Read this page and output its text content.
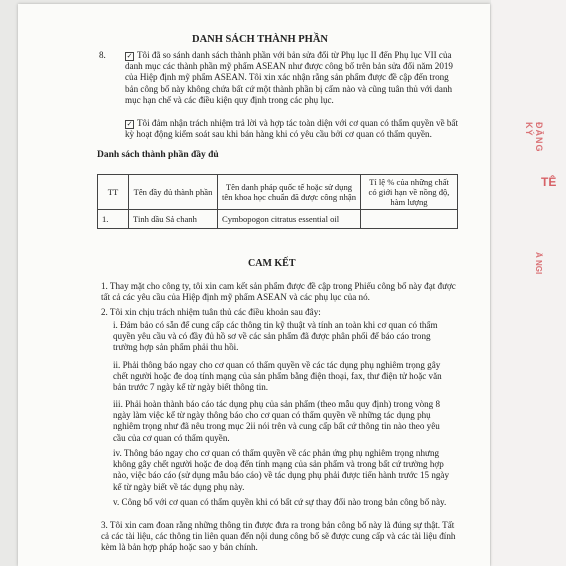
ĐĂNG KÝ
TÊ
Ã NGI
DANH SÁCH THÀNH PHẦN
8.	✓ Tôi đã so sánh danh sách thành phần với bản sửa đổi từ Phụ lục II đến Phụ lục VII của danh mục các thành phần mỹ phẩm ASEAN như được công bố trên bản sửa đổi năm 2019 của Hiệp định mỹ phẩm ASEAN. Tôi xin xác nhận rằng sản phẩm được đề cập đến trong bản công bố này không chứa bất cứ một thành phần bị cấm nào và cũng tuân thủ với danh mục hạn chế và các điều kiện quy định trong các phụ lục.
✓ Tôi đảm nhận trách nhiệm trả lời và hợp tác toàn diện với cơ quan có thẩm quyền về bất kỳ hoạt động kiểm soát sau khi bán hàng khi có yêu cầu bởi cơ quan có thẩm quyền.
Danh sách thành phần đầy đủ
TT	Tên đầy đủ thành phần	Tên danh pháp quốc tế hoặc sử dụng tên khoa học chuẩn đã được công nhận	Tỉ lệ % của những chất có giới hạn về nồng độ, hàm lượng
1.	Tinh dầu Sả chanh	Cymbopogon citratus essential oil	
CAM KẾT
1. Thay mặt cho công ty, tôi xin cam kết sản phẩm được đề cập trong Phiếu công bố này đạt được tất cả các yêu cầu của Hiệp định mỹ phẩm ASEAN và các phụ lục của nó.
2. Tôi xin chịu trách nhiệm tuân thủ các điều khoản sau đây:
i. Đảm bảo có sẵn để cung cấp các thông tin kỹ thuật và tính an toàn khi cơ quan có thẩm quyền yêu cầu và có đầy đủ hồ sơ về các sản phẩm đã được phân phối để báo cáo trong trường hợp sản phẩm phải thu hồi.
ii. Phải thông báo ngay cho cơ quan có thẩm quyền về các tác dụng phụ nghiêm trọng gây chết người hoặc đe doạ tính mạng của sản phẩm bằng điện thoại, fax, thư điện tử hoặc văn bản trước 7 ngày kể từ ngày biết thông tin.
iii. Phải hoàn thành báo cáo tác dụng phụ của sản phẩm (theo mẫu quy định) trong vòng 8 ngày làm việc kể từ ngày thông báo cho cơ quan có thẩm quyền về những tác dụng phụ nghiêm trọng như đã nêu trong mục 2ii nói trên và cung cấp bất cứ thông tin nào theo yêu cầu của cơ quan có thẩm quyền.
iv. Thông báo ngay cho cơ quan có thẩm quyền về các phản ứng phụ nghiêm trọng nhưng không gây chết người hoặc đe doạ đến tính mạng của sản phẩm và trong bất cứ trường hợp nào, việc báo cáo (sử dụng mẫu báo cáo) về tác dụng phụ phải được tiến hành trước 15 ngày kể từ ngày biết về tác dụng phụ này.
v. Công bố với cơ quan có thẩm quyền khi có bất cứ sự thay đổi nào trong bản công bố này.
3. Tôi xin cam đoan rằng những thông tin được đưa ra trong bản công bố này là đúng sự thật. Tất cả các tài liệu, các thông tin liên quan đến nội dung công bố sẽ được cung cấp và các tài liệu đính kèm là bản hợp pháp hoặc sao y bản chính.
